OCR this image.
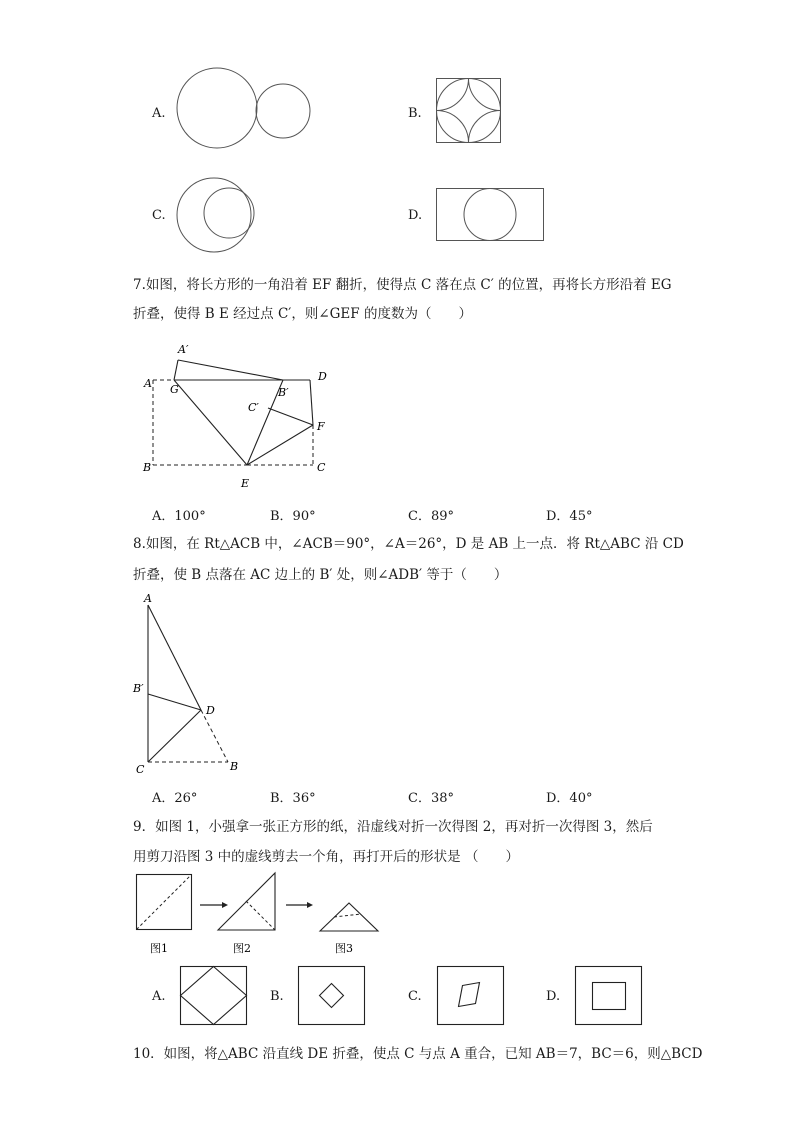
A.	B.
C.	D.
7.如图，将长方形的一角沿着 EF 翻折，使得点 C 落在点 C′ 的位置，再将长方形沿着 EG
折叠，使得 B E 经过点 C′，则∠GEF 的度数为（　　）
A′
A G
D
B′
C′
F
B
E
C
A．100°	B．90°	C．89°	D．45°
8.如图，在 Rt△ACB 中，∠ACB＝90°，∠A＝26°，D 是 AB 上一点．将 Rt△ABC 沿 CD
折叠，使 B 点落在 AC 边上的 B′ 处，则∠ADB′ 等于（　　）
A
B′
D
C	B
A．26°	B．36°	C．38°	D．40°
9．如图 1，小强拿一张正方形的纸，沿虚线对折一次得图 2，再对折一次得图 3，然后
用剪刀沿图 3 中的虚线剪去一个角，再打开后的形状是 （　　）
图1	图2	图3
A.	B.	C.	D.
10．如图，将△ABC 沿直线 DE 折叠，使点 C 与点 A 重合，已知 AB＝7，BC＝6，则△BCD
